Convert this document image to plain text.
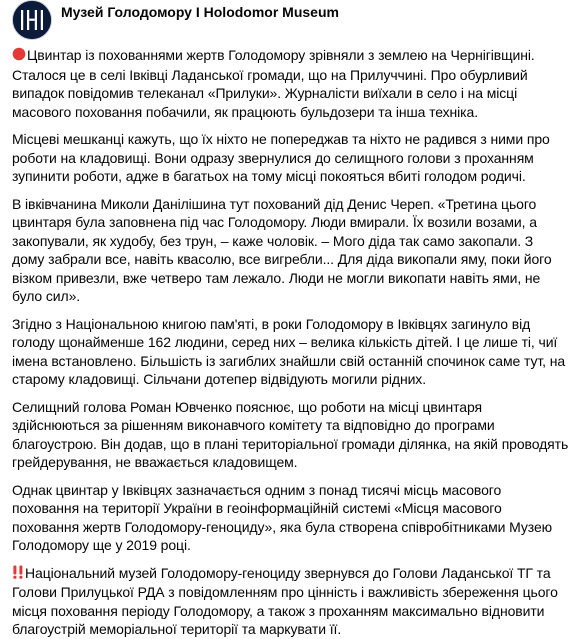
Музей Голодомору І Holodomor Museum

Цвинтар із похованнями жертв Голодомору зрівняли з землею на Чернігівщині. Сталося це в селі Івківці Ладанської громади, що на Прилуччині. Про обурливий випадок повідомив телеканал «Прилуки». Журналісти виїхали в село і на місці масового поховання побачили, як працюють бульдозери та інша техніка.

Місцеві мешканці кажуть, що їх ніхто не попереджав та ніхто не радився з ними про роботи на кладовищі. Вони одразу звернулися до селищного голови з проханням зупинити роботи, адже в багатьох на тому місці покояться вбиті голодом родичі.

В івківчанина Миколи Данілішина тут похований дід Денис Череп. «Третина цього цвинтаря була заповнена під час Голодомору. Люди вмирали. Їх возили возами, а закопували, як худобу, без трун, – каже чоловік. – Мого діда так само закопали. З дому забрали все, навіть квасолю, все вигребли... Для діда викопали яму, поки його візком привезли, вже четверо там лежало. Люди не могли викопати навіть ями, не було сил».

Згідно з Національною книгою пам'яті, в роки Голодомору в Івківцях загинуло від голоду щонайменше 162 людини, серед них – велика кількість дітей. І це лише ті, чиї імена встановлено. Більшість із загиблих знайшли свій останній спочинок саме тут, на старому кладовищі. Сільчани дотепер відвідують могили рідних.

Селищний голова Роман Ювченко пояснює, що роботи на місці цвинтаря здійснюються за рішенням виконавчого комітету та відповідно до програми благоустрою. Він додав, що в плані територіальної громади ділянка, на якій проводять грейдерування, не вважається кладовищем.

Однак цвинтар у Івківцях зазначається одним з понад тисячі місць масового поховання на території України в геоінформаційній системі «Місця масового поховання жертв Голодомору-геноциду», яка була створена співробітниками Музею Голодомору ще у 2019 році.

Національний музей Голодомору-геноциду звернувся до Голови Ладанської ТГ та Голови Прилуцької РДА з повідомленням про цінність і важливість збереження цього місця поховання періоду Голодомору, а також з проханням максимально відновити благоустрій меморіальної території та маркувати її.
